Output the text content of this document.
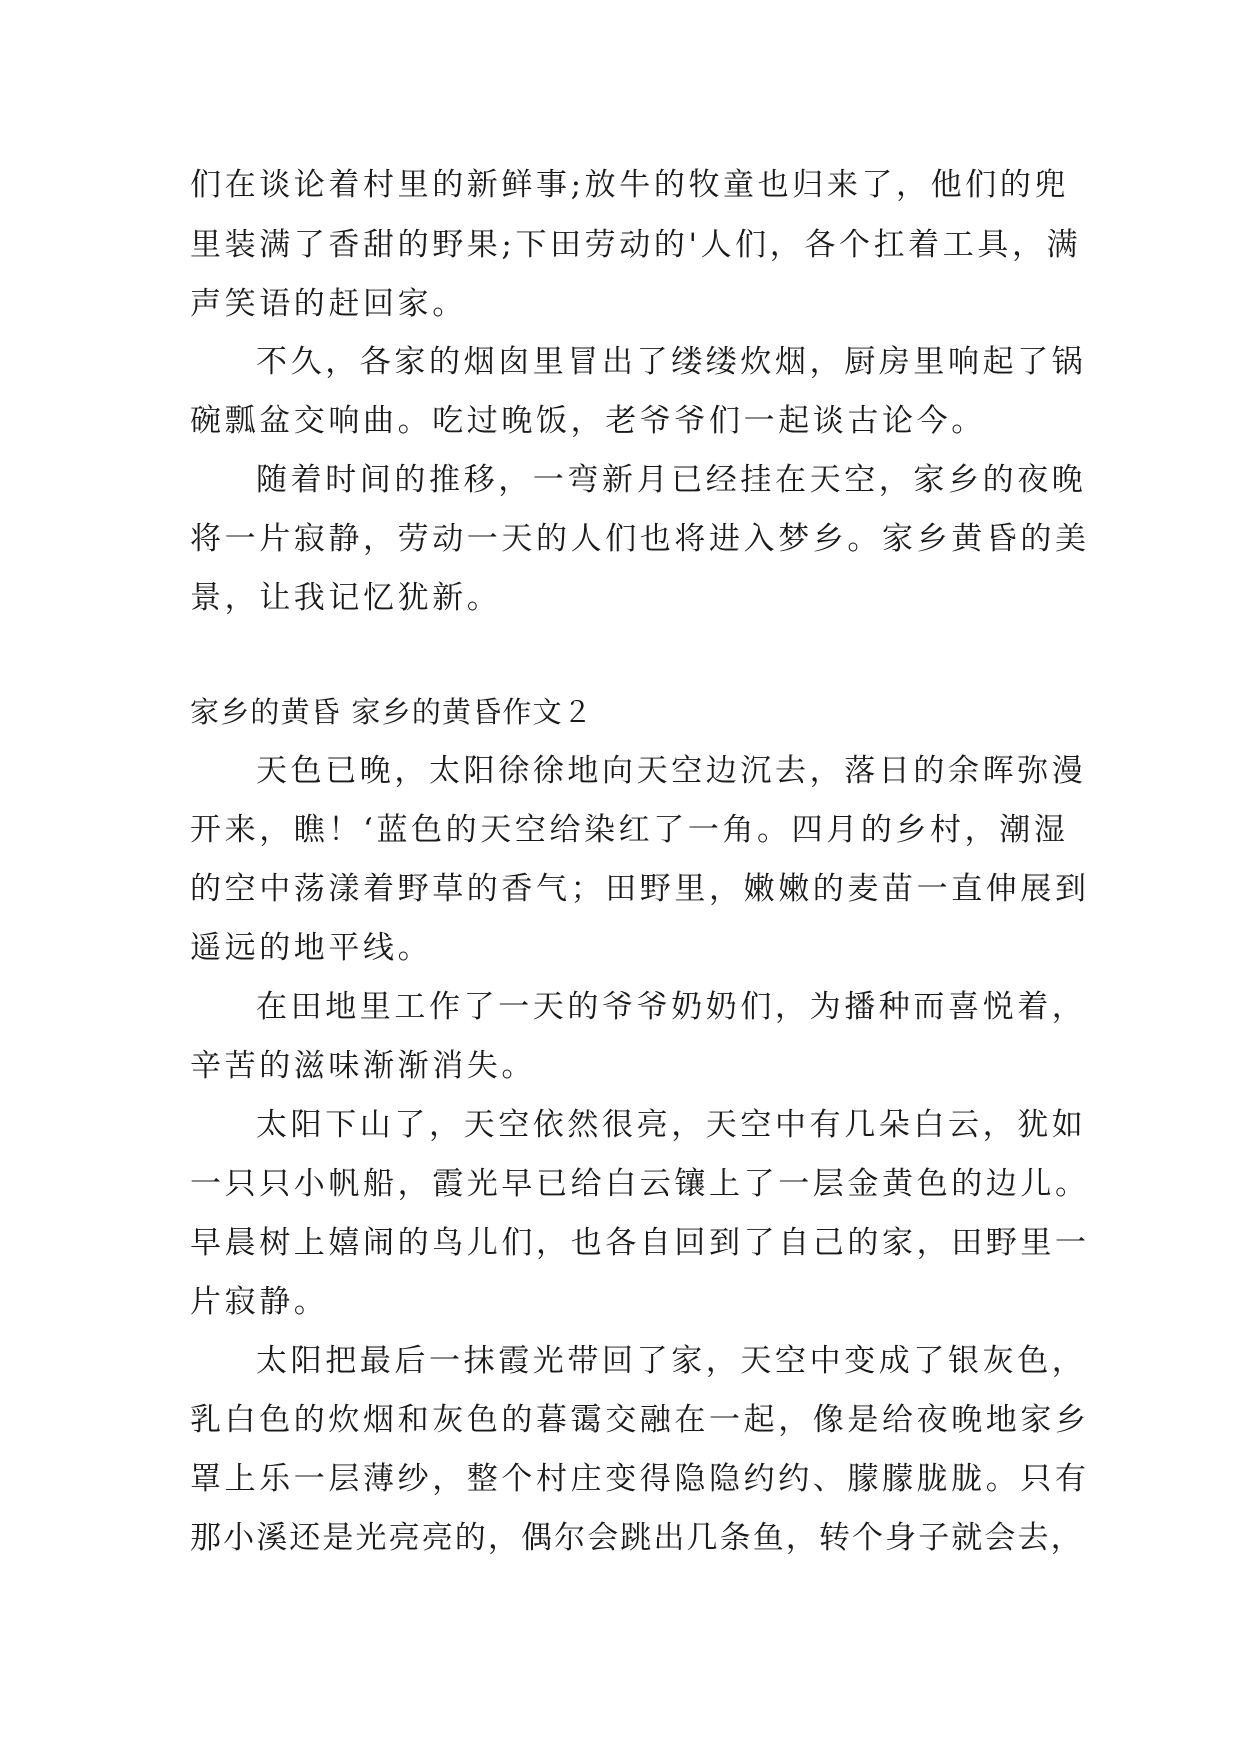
们在谈论着村里的新鲜事;放牛的牧童也归来了，他们的兜
里装满了香甜的野果;下田劳动的'人们，各个扛着工具，满
声笑语的赶回家。
不久，各家的烟囱里冒出了缕缕炊烟，厨房里响起了锅
碗瓢盆交响曲。吃过晚饭，老爷爷们一起谈古论今。
随着时间的推移，一弯新月已经挂在天空，家乡的夜晚
将一片寂静，劳动一天的人们也将进入梦乡。家乡黄昏的美
景，让我记忆犹新。
家乡的黄昏 家乡的黄昏作文２
天色已晚，太阳徐徐地向天空边沉去，落日的余晖弥漫
开来，瞧！‘蓝色的天空给染红了一角。四月的乡村，潮湿
的空中荡漾着野草的香气；田野里，嫩嫩的麦苗一直伸展到
遥远的地平线。
在田地里工作了一天的爷爷奶奶们，为播种而喜悦着，
辛苦的滋味渐渐消失。
太阳下山了，天空依然很亮，天空中有几朵白云，犹如
一只只小帆船，霞光早已给白云镶上了一层金黄色的边儿。
早晨树上嬉闹的鸟儿们，也各自回到了自己的家，田野里一
片寂静。
太阳把最后一抹霞光带回了家，天空中变成了银灰色，
乳白色的炊烟和灰色的暮霭交融在一起，像是给夜晚地家乡
罩上乐一层薄纱，整个村庄变得隐隐约约、朦朦胧胧。只有
那小溪还是光亮亮的，偶尔会跳出几条鱼，转个身子就会去，
